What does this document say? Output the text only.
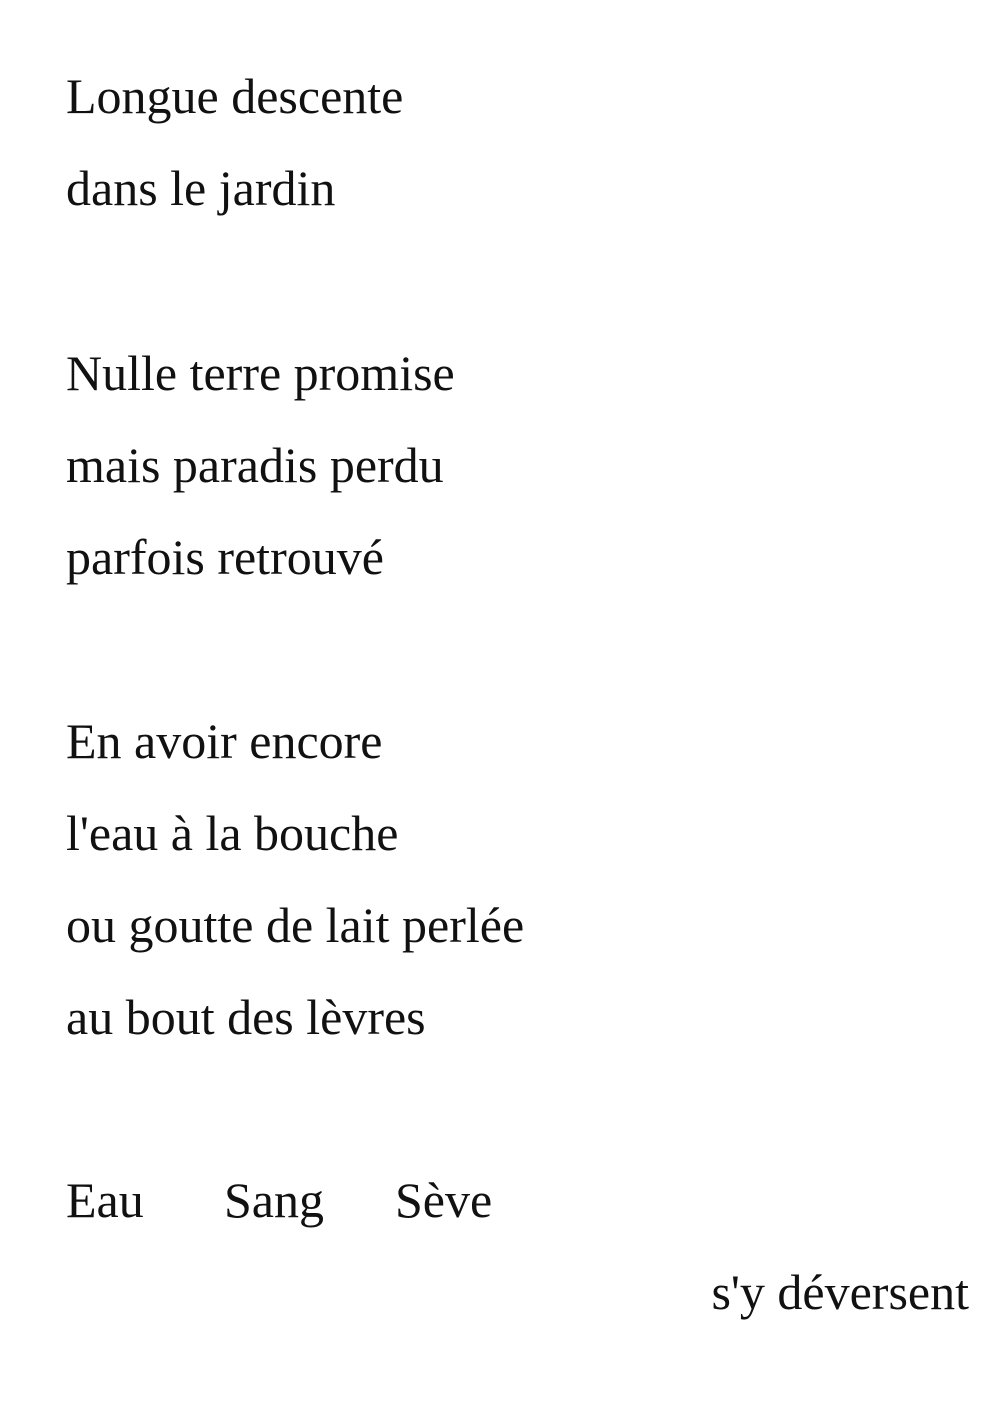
Longue descente
dans le jardin
Nulle terre promise
mais paradis perdu
parfois retrouvé
En avoir encore
l'eau à la bouche
ou goutte de lait perlée
au bout des lèvres
Eau Sang Sève
s'y déversent
